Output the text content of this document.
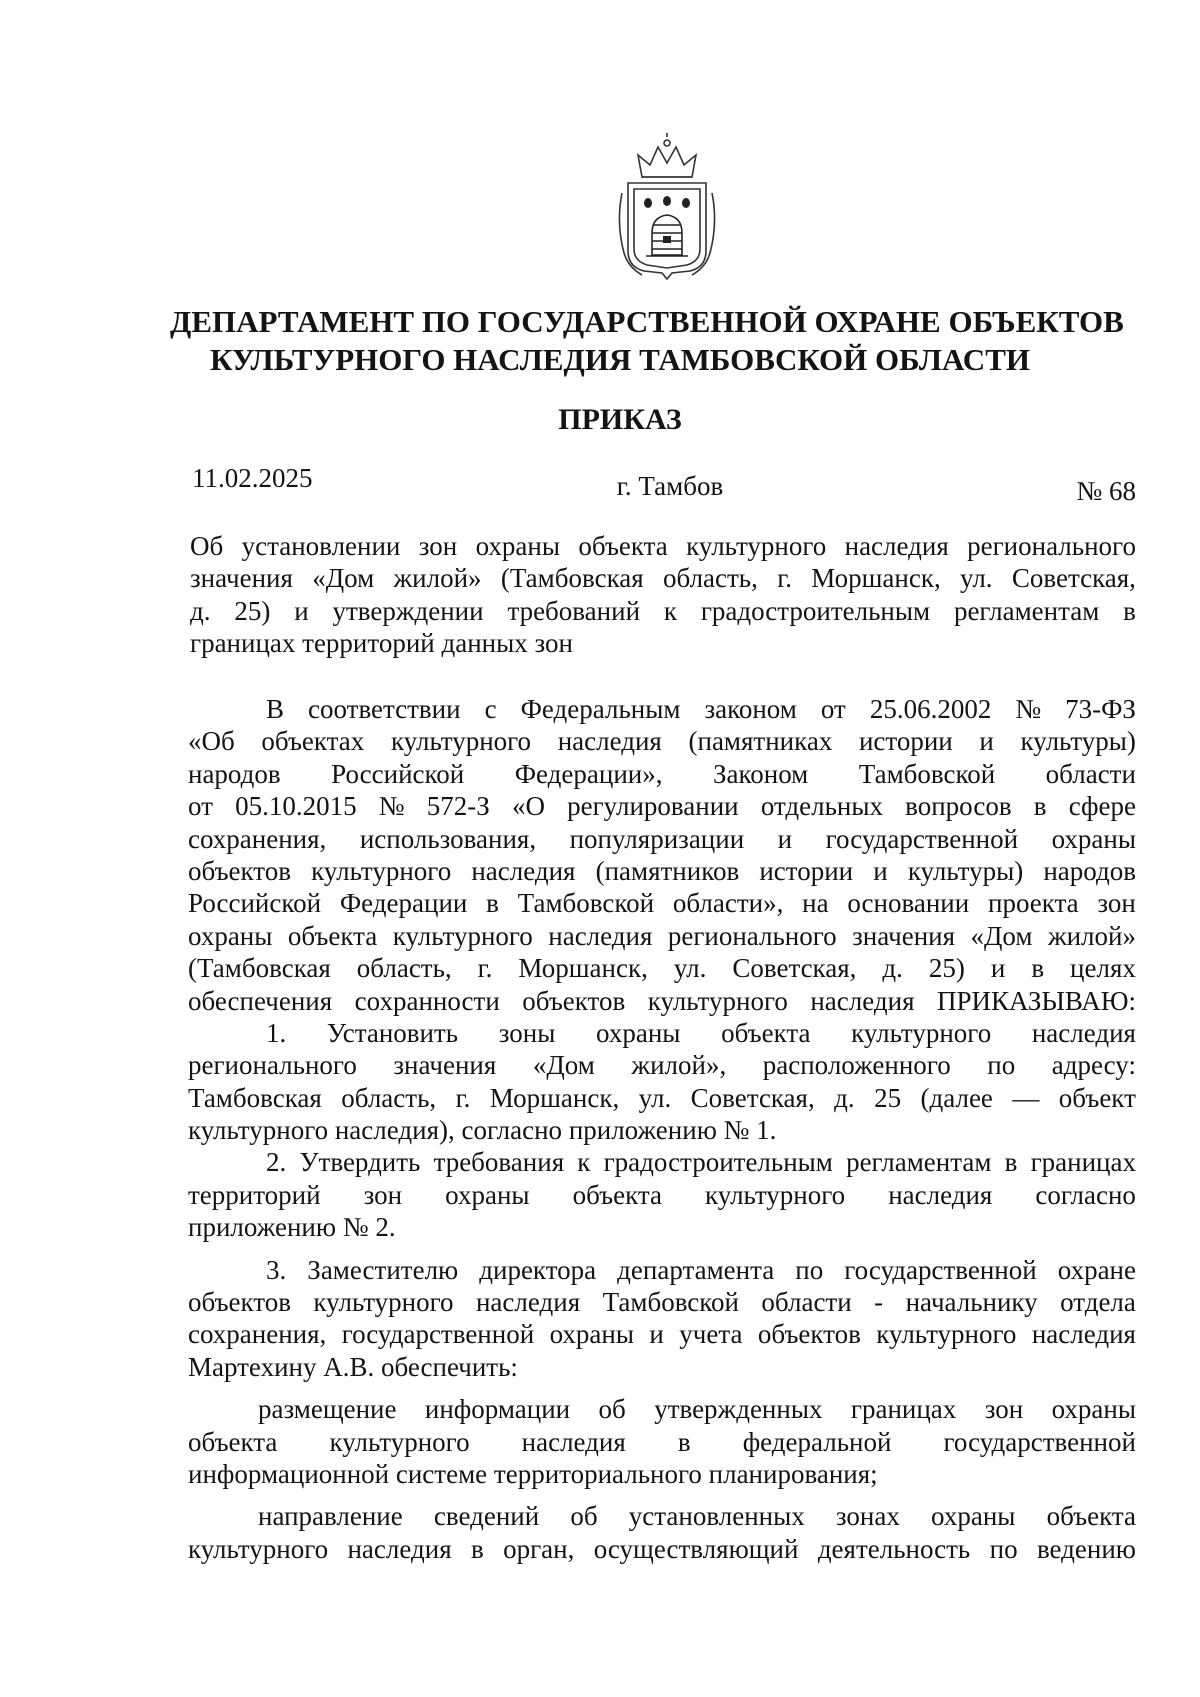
ДЕПАРТАМЕНТ ПО ГОСУДАРСТВЕННОЙ ОХРАНЕ ОБЪЕКТОВ
КУЛЬТУРНОГО НАСЛЕДИЯ ТАМБОВСКОЙ ОБЛАСТИ
ПРИКАЗ
11.02.2025	г. Тамбов	№ 68
Об установлении зон охраны объекта культурного наследия регионального
значения «Дом жилой» (Тамбовская область, г. Моршанск, ул. Советская,
д. 25) и утверждении требований к градостроительным регламентам в
границах территорий данных зон
В соответствии с Федеральным законом от 25.06.2002 № 73-ФЗ
«Об объектах культурного наследия (памятниках истории и культуры)
народов Российской Федерации», Законом Тамбовской области
от 05.10.2015 № 572-З «О регулировании отдельных вопросов в сфере
сохранения, использования, популяризации и государственной охраны
объектов культурного наследия (памятников истории и культуры) народов
Российской Федерации в Тамбовской области», на основании проекта зон
охраны объекта культурного наследия регионального значения «Дом жилой»
(Тамбовская область, г. Моршанск, ул. Советская, д. 25) и в целях
обеспечения сохранности объектов культурного наследия ПРИКАЗЫВАЮ:
1. Установить зоны охраны объекта культурного наследия
регионального значения «Дом жилой», расположенного по адресу:
Тамбовская область, г. Моршанск, ул. Советская, д. 25 (далее — объект
культурного наследия), согласно приложению № 1.
2. Утвердить требования к градостроительным регламентам в границах
территорий зон охраны объекта культурного наследия согласно
приложению № 2.
3. Заместителю директора департамента по государственной охране
объектов культурного наследия Тамбовской области - начальнику отдела
сохранения, государственной охраны и учета объектов культурного наследия
Мартехину А.В. обеспечить:
размещение информации об утвержденных границах зон охраны
объекта культурного наследия в федеральной государственной
информационной системе территориального планирования;
направление сведений об установленных зонах охраны объекта
культурного наследия в орган, осуществляющий деятельность по ведению
